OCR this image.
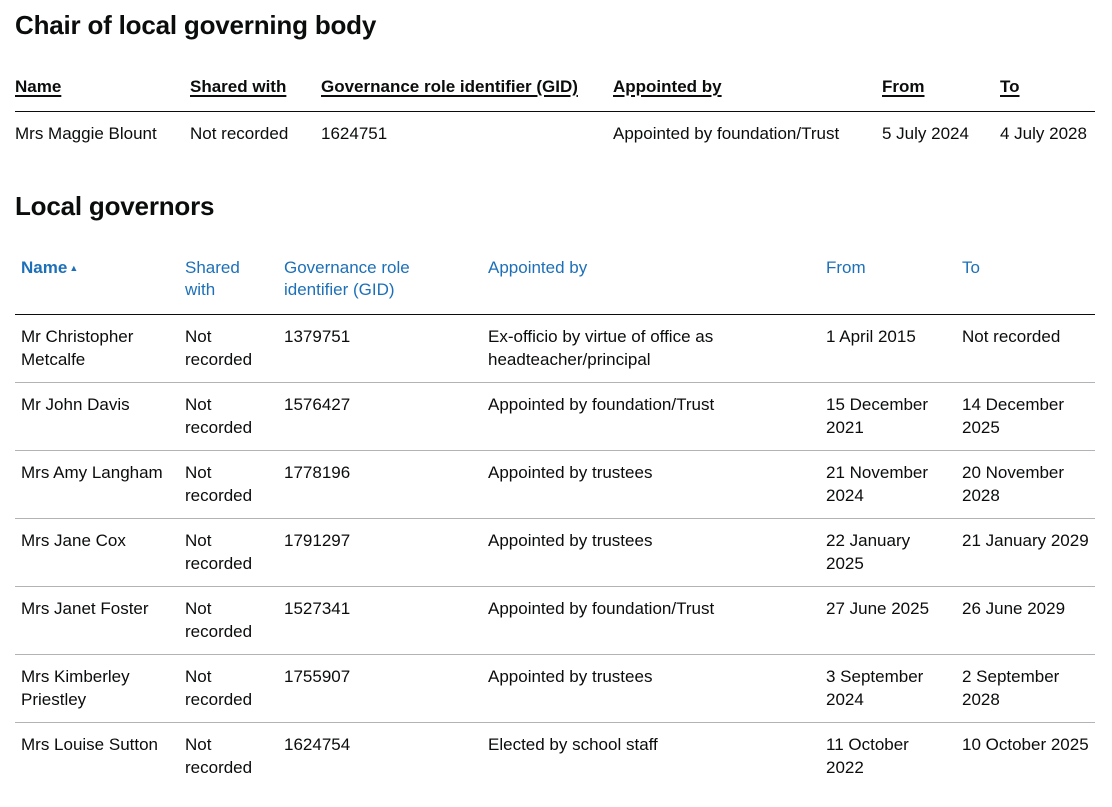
Chair of local governing body
Name	Shared with	Governance role identifier (GID)	Appointed by	From	To
Mrs Maggie Blount	Not recorded	1624751	Appointed by foundation/Trust	5 July 2024	4 July 2028
Local governors
Name ▲	Shared with	Governance role identifier (GID)	Appointed by	From	To
Mr Christopher Metcalfe	Not recorded	1379751	Ex-officio by virtue of office as headteacher/principal	1 April 2015	Not recorded
Mr John Davis	Not recorded	1576427	Appointed by foundation/Trust	15 December 2021	14 December 2025
Mrs Amy Langham	Not recorded	1778196	Appointed by trustees	21 November 2024	20 November 2028
Mrs Jane Cox	Not recorded	1791297	Appointed by trustees	22 January 2025	21 January 2029
Mrs Janet Foster	Not recorded	1527341	Appointed by foundation/Trust	27 June 2025	26 June 2029
Mrs Kimberley Priestley	Not recorded	1755907	Appointed by trustees	3 September 2024	2 September 2028
Mrs Louise Sutton	Not recorded	1624754	Elected by school staff	11 October 2022	10 October 2025
